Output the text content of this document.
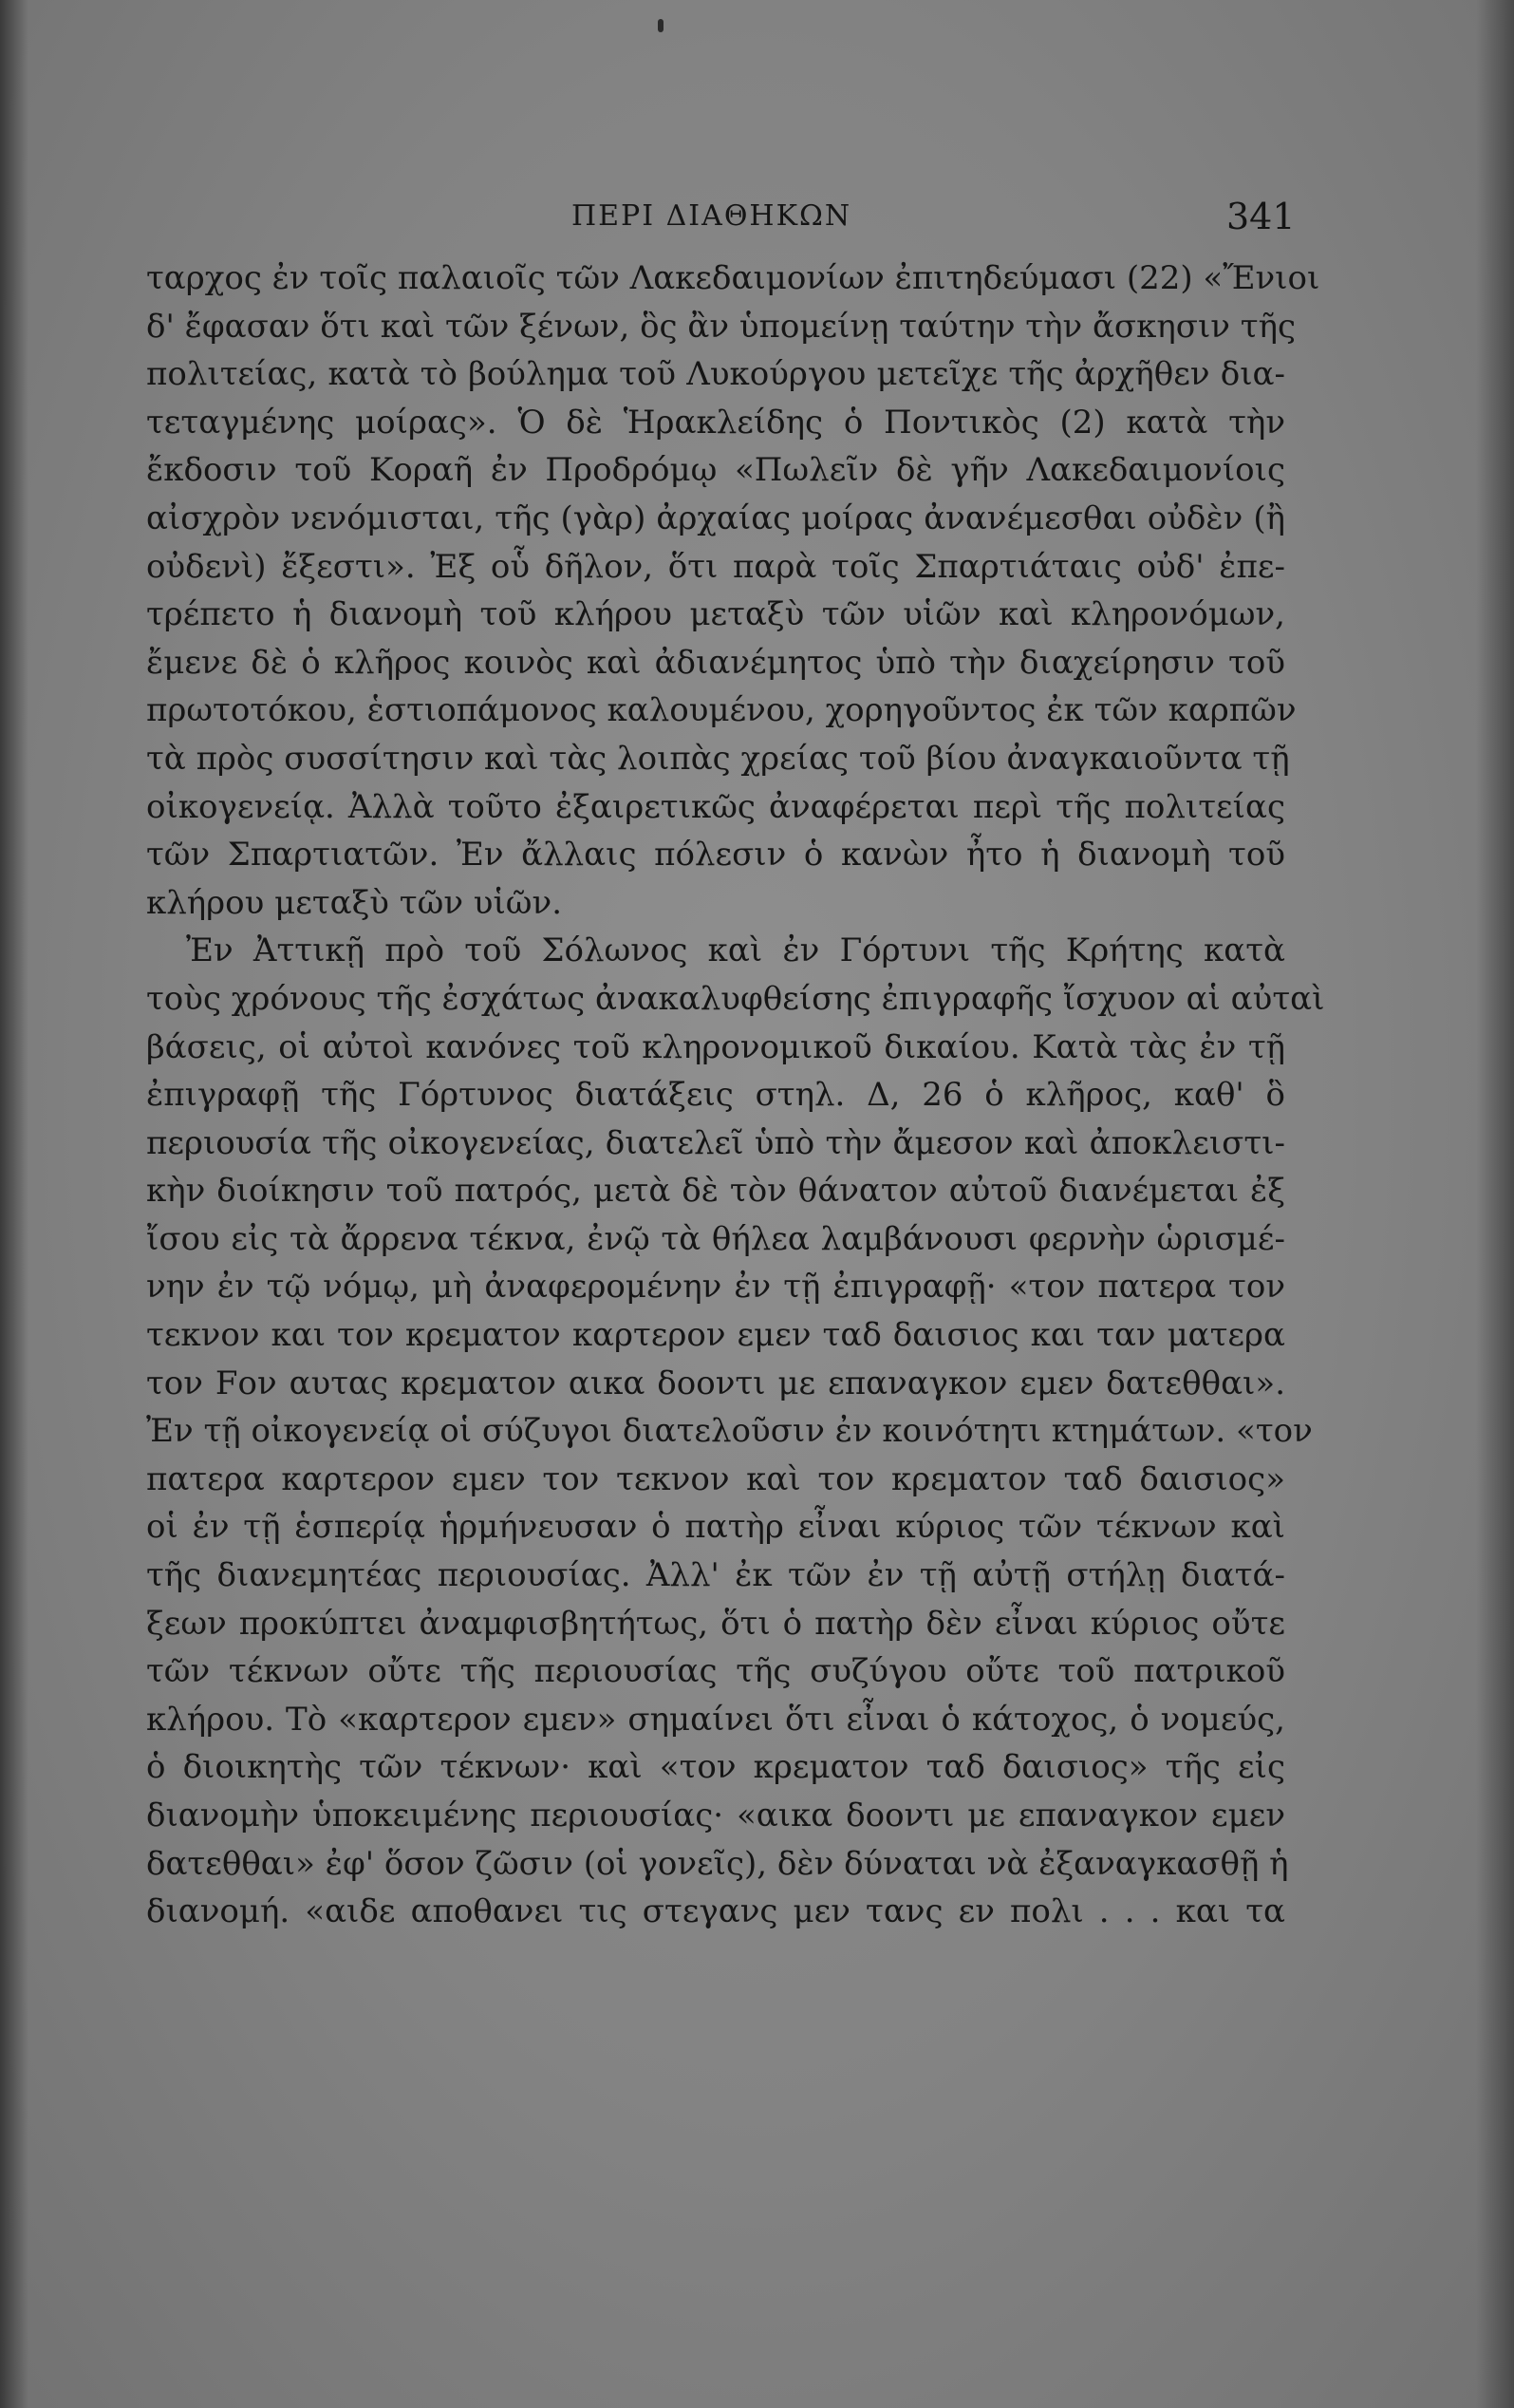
ΠΕΡΙ ΔΙΑΘΗΚΩΝ	341
ταρχος ἐν τοῖς παλαιοῖς τῶν Λακεδαιμονίων ἐπιτηδεύμασι (22) «Ἔνιοι
δ' ἔφασαν ὅτι καὶ τῶν ξένων, ὃς ἂν ὑπομείνῃ ταύτην τὴν ἄσκησιν τῆς
πολιτείας, κατὰ τὸ βούλημα τοῦ Λυκούργου μετεῖχε τῆς ἀρχῆθεν δια-
τεταγμένης μοίρας». Ὁ δὲ Ἡρακλείδης ὁ Ποντικὸς (2) κατὰ τὴν
ἔκδοσιν τοῦ Κοραῆ ἐν Προδρόμῳ «Πωλεῖν δὲ γῆν Λακεδαιμονίοις
αἰσχρὸν νενόμισται, τῆς (γὰρ) ἀρχαίας μοίρας ἀνανέμεσθαι οὐδὲν (ἢ
οὐδενὶ) ἔξεστι». Ἐξ οὗ δῆλον, ὅτι παρὰ τοῖς Σπαρτιάταις οὐδ' ἐπε-
τρέπετο ἡ διανομὴ τοῦ κλήρου μεταξὺ τῶν υἱῶν καὶ κληρονόμων,
ἔμενε δὲ ὁ κλῆρος κοινὸς καὶ ἀδιανέμητος ὑπὸ τὴν διαχείρησιν τοῦ
πρωτοτόκου, ἑστιοπάμονος καλουμένου, χορηγοῦντος ἐκ τῶν καρπῶν
τὰ πρὸς συσσίτησιν καὶ τὰς λοιπὰς χρείας τοῦ βίου ἀναγκαιοῦντα τῇ
οἰκογενείᾳ. Ἀλλὰ τοῦτο ἐξαιρετικῶς ἀναφέρεται περὶ τῆς πολιτείας
τῶν Σπαρτιατῶν. Ἐν ἄλλαις πόλεσιν ὁ κανὼν ἦτο ἡ διανομὴ τοῦ
κλήρου μεταξὺ τῶν υἱῶν.
Ἐν Ἀττικῇ πρὸ τοῦ Σόλωνος καὶ ἐν Γόρτυνι τῆς Κρήτης κατὰ
τοὺς χρόνους τῆς ἐσχάτως ἀνακαλυφθείσης ἐπιγραφῆς ἴσχυον αἱ αὐταὶ
βάσεις, οἱ αὐτοὶ κανόνες τοῦ κληρονομικοῦ δικαίου. Κατὰ τὰς ἐν τῇ
ἐπιγραφῇ τῆς Γόρτυνος διατάξεις στηλ. Δ, 26 ὁ κλῆρος, καθ' ὃ
περιουσία τῆς οἰκογενείας, διατελεῖ ὑπὸ τὴν ἄμεσον καὶ ἀποκλειστι-
κὴν διοίκησιν τοῦ πατρός, μετὰ δὲ τὸν θάνατον αὐτοῦ διανέμεται ἐξ
ἴσου εἰς τὰ ἄρρενα τέκνα, ἐνῷ τὰ θήλεα λαμβάνουσι φερνὴν ὡρισμέ-
νην ἐν τῷ νόμῳ, μὴ ἀναφερομένην ἐν τῇ ἐπιγραφῇ· «τον πατερα τον
τεκνον και τον κρεματον καρτερον εμεν ταδ δαισιος και ταν ματερα
τον Fον αυτας κρεματον αικα δοοντι με επαναγκον εμεν δατεθθαι».
Ἐν τῇ οἰκογενείᾳ οἱ σύζυγοι διατελοῦσιν ἐν κοινότητι κτημάτων. «τον
πατερα καρτερον εμεν τον τεκνον καὶ τον κρεματον ταδ δαισιος»
οἱ ἐν τῇ ἑσπερίᾳ ἡρμήνευσαν ὁ πατὴρ εἶναι κύριος τῶν τέκνων καὶ
τῆς διανεμητέας περιουσίας. Ἀλλ' ἐκ τῶν ἐν τῇ αὐτῇ στήλῃ διατά-
ξεων προκύπτει ἀναμφισβητήτως, ὅτι ὁ πατὴρ δὲν εἶναι κύριος οὔτε
τῶν τέκνων οὔτε τῆς περιουσίας τῆς συζύγου οὔτε τοῦ πατρικοῦ
κλήρου. Τὸ «καρτερον εμεν» σημαίνει ὅτι εἶναι ὁ κάτοχος, ὁ νομεύς,
ὁ διοικητὴς τῶν τέκνων· καὶ «τον κρεματον ταδ δαισιος» τῆς εἰς
διανομὴν ὑποκειμένης περιουσίας· «αικα δοοντι με επαναγκον εμεν
δατεθθαι» ἐφ' ὅσον ζῶσιν (οἱ γονεῖς), δὲν δύναται νὰ ἐξαναγκασθῇ ἡ
διανομή. «αιδε αποθανει τις στεγανς μεν τανς εν πολι . . . και τα
